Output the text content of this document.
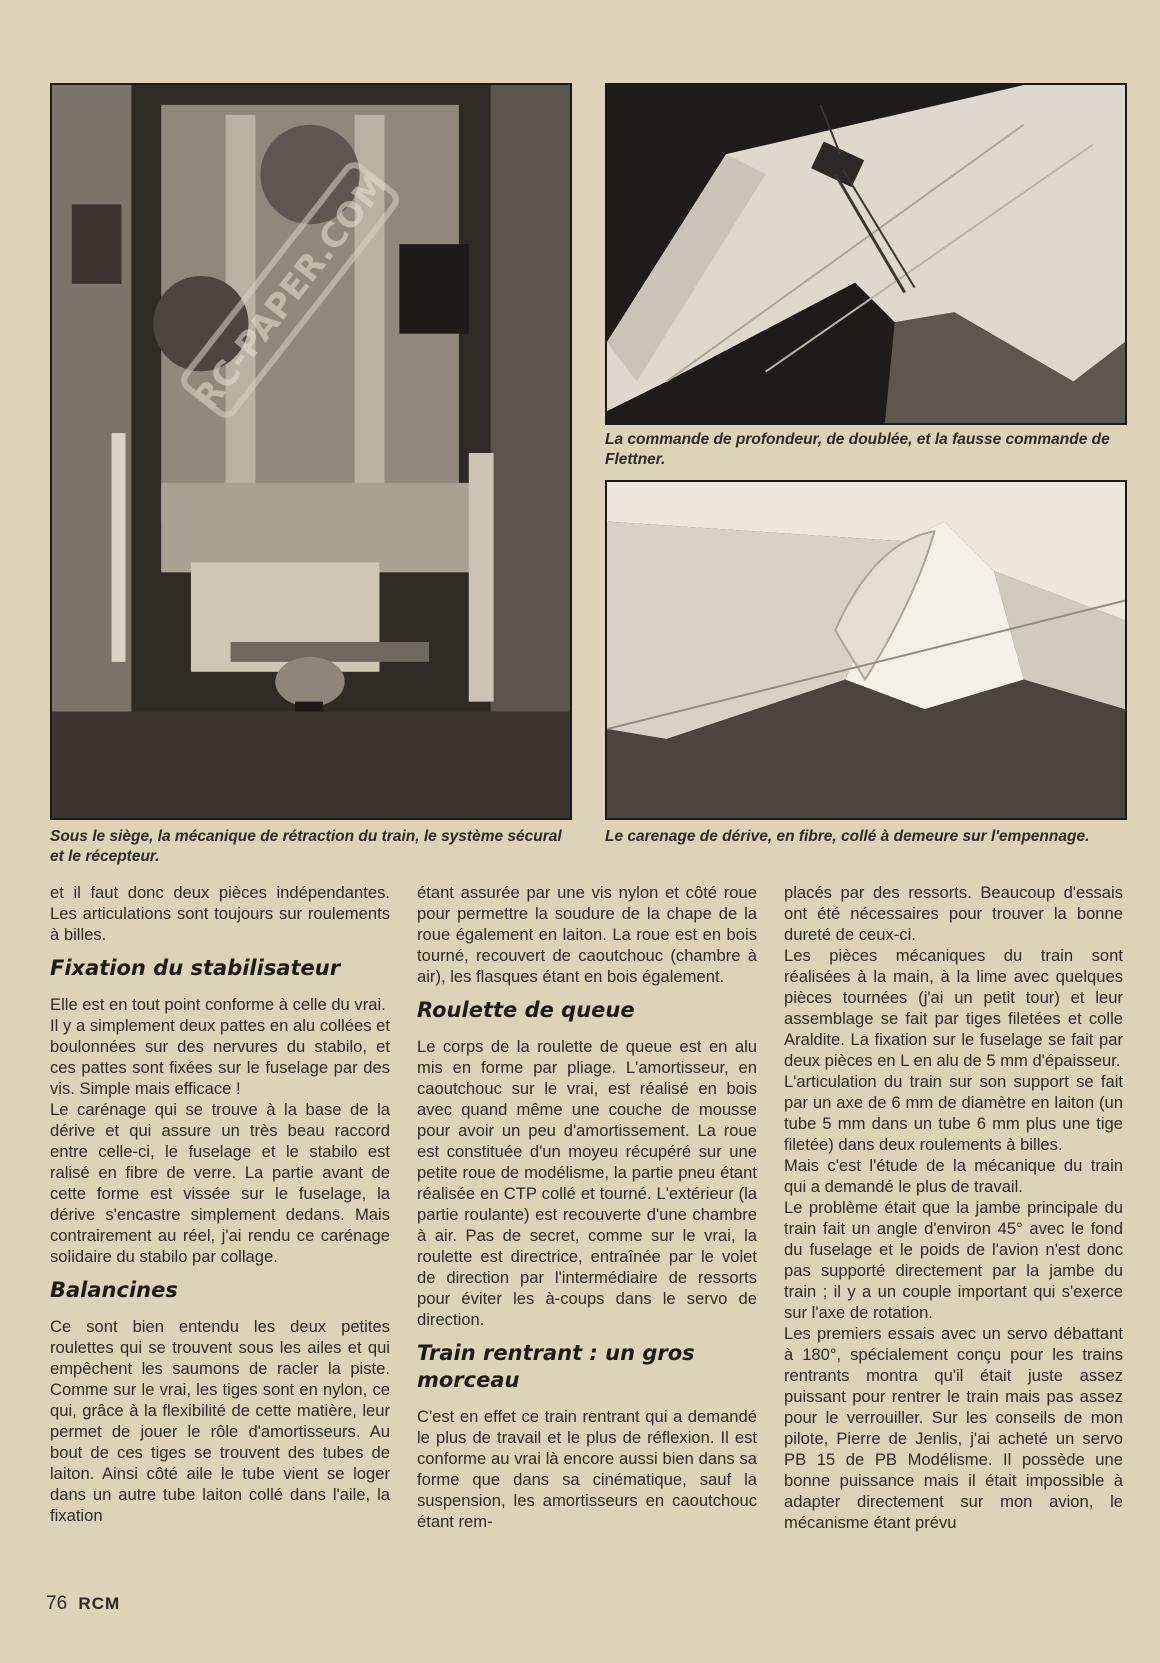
RC-PAPER.COM

La commande de profondeur, de doublée, et la fausse commande de Flettner.

Sous le siège, la mécanique de rétraction du train, le système sécural et le récepteur.

Le carenage de dérive, en fibre, collé à demeure sur l'empennage.

et il faut donc deux pièces indépendantes. Les articulations sont toujours sur roulements à billes.

Fixation du stabilisateur

Elle est en tout point conforme à celle du vrai.

Il y a simplement deux pattes en alu collées et boulonnées sur des nervures du stabilo, et ces pattes sont fixées sur le fuselage par des vis. Simple mais efficace !

Le carénage qui se trouve à la base de la dérive et qui assure un très beau raccord entre celle-ci, le fuselage et le stabilo est ralisé en fibre de verre. La partie avant de cette forme est vissée sur le fuselage, la dérive s'encastre simplement dedans. Mais contrairement au réel, j'ai rendu ce carénage solidaire du stabilo par collage.

Balancines

Ce sont bien entendu les deux petites roulettes qui se trouvent sous les ailes et qui empêchent les saumons de racler la piste. Comme sur le vrai, les tiges sont en nylon, ce qui, grâce à la flexibilité de cette matière, leur permet de jouer le rôle d'amortisseurs. Au bout de ces tiges se trouvent des tubes de laiton. Ainsi côté aile le tube vient se loger dans un autre tube laiton collé dans l'aile, la fixation

étant assurée par une vis nylon et côté roue pour permettre la soudure de la chape de la roue également en laiton. La roue est en bois tourné, recouvert de caoutchouc (chambre à air), les flasques étant en bois également.

Roulette de queue

Le corps de la roulette de queue est en alu mis en forme par pliage. L'amortisseur, en caoutchouc sur le vrai, est réalisé en bois avec quand même une couche de mousse pour avoir un peu d'amortissement. La roue est constituée d'un moyeu récupéré sur une petite roue de modélisme, la partie pneu étant réalisée en CTP collé et tourné. L'extérieur (la partie roulante) est recouverte d'une chambre à air. Pas de secret, comme sur le vrai, la roulette est directrice, entraînée par le volet de direction par l'intermédiaire de ressorts pour éviter les à-coups dans le servo de direction.

Train rentrant : un gros morceau

C'est en effet ce train rentrant qui a demandé le plus de travail et le plus de réflexion. Il est conforme au vrai là encore aussi bien dans sa forme que dans sa cinématique, sauf la suspension, les amortisseurs en caoutchouc étant rem-

placés par des ressorts. Beaucoup d'essais ont été nécessaires pour trouver la bonne dureté de ceux-ci.

Les pièces mécaniques du train sont réalisées à la main, à la lime avec quelques pièces tournées (j'ai un petit tour) et leur assemblage se fait par tiges filetées et colle Araldite. La fixation sur le fuselage se fait par deux pièces en L en alu de 5 mm d'épaisseur.

L'articulation du train sur son support se fait par un axe de 6 mm de diamètre en laiton (un tube 5 mm dans un tube 6 mm plus une tige filetée) dans deux roulements à billes.

Mais c'est l'étude de la mécanique du train qui a demandé le plus de travail.

Le problème était que la jambe principale du train fait un angle d'environ 45° avec le fond du fuselage et le poids de l'avion n'est donc pas supporté directement par la jambe du train ; il y a un couple important qui s'exerce sur l'axe de rotation.

Les premiers essais avec un servo débattant à 180°, spécialement conçu pour les trains rentrants montra qu'il était juste assez puissant pour rentrer le train mais pas assez pour le verrouiller. Sur les conseils de mon pilote, Pierre de Jenlis, j'ai acheté un servo PB 15 de PB Modélisme. Il possède une bonne puissance mais il était impossible à adapter directement sur mon avion, le mécanisme étant prévu

76 RCM
